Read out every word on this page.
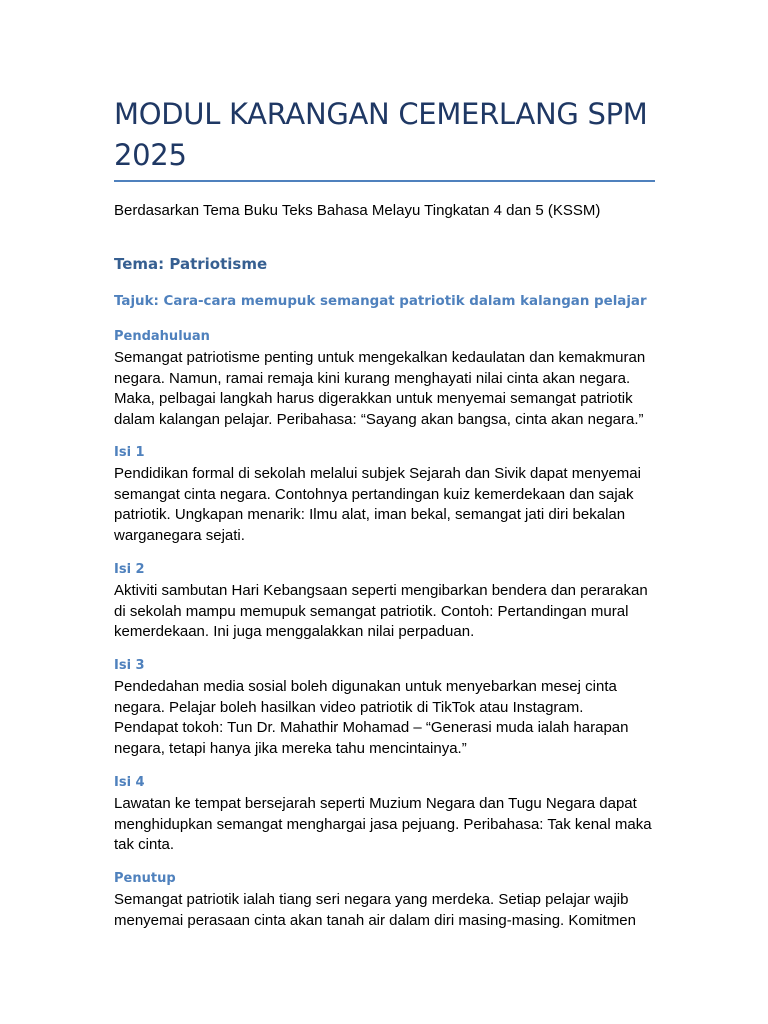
MODUL KARANGAN CEMERLANG SPM
2025

Berdasarkan Tema Buku Teks Bahasa Melayu Tingkatan 4 dan 5 (KSSM)

Tema: Patriotisme
Tajuk: Cara-cara memupuk semangat patriotik dalam kalangan pelajar
Pendahuluan

Semangat patriotisme penting untuk mengekalkan kedaulatan dan kemakmuran
negara. Namun, ramai remaja kini kurang menghayati nilai cinta akan negara.
Maka, pelbagai langkah harus digerakkan untuk menyemai semangat patriotik
dalam kalangan pelajar. Peribahasa: “Sayang akan bangsa, cinta akan negara.”

Isi 1

Pendidikan formal di sekolah melalui subjek Sejarah dan Sivik dapat menyemai
semangat cinta negara. Contohnya pertandingan kuiz kemerdekaan dan sajak
patriotik. Ungkapan menarik: Ilmu alat, iman bekal, semangat jati diri bekalan
warganegara sejati.

Isi 2

Aktiviti sambutan Hari Kebangsaan seperti mengibarkan bendera dan perarakan
di sekolah mampu memupuk semangat patriotik. Contoh: Pertandingan mural
kemerdekaan. Ini juga menggalakkan nilai perpaduan.

Isi 3

Pendedahan media sosial boleh digunakan untuk menyebarkan mesej cinta
negara. Pelajar boleh hasilkan video patriotik di TikTok atau Instagram.
Pendapat tokoh: Tun Dr. Mahathir Mohamad – “Generasi muda ialah harapan
negara, tetapi hanya jika mereka tahu mencintainya.”

Isi 4

Lawatan ke tempat bersejarah seperti Muzium Negara dan Tugu Negara dapat
menghidupkan semangat menghargai jasa pejuang. Peribahasa: Tak kenal maka
tak cinta.

Penutup

Semangat patriotik ialah tiang seri negara yang merdeka. Setiap pelajar wajib
menyemai perasaan cinta akan tanah air dalam diri masing-masing. Komitmen
